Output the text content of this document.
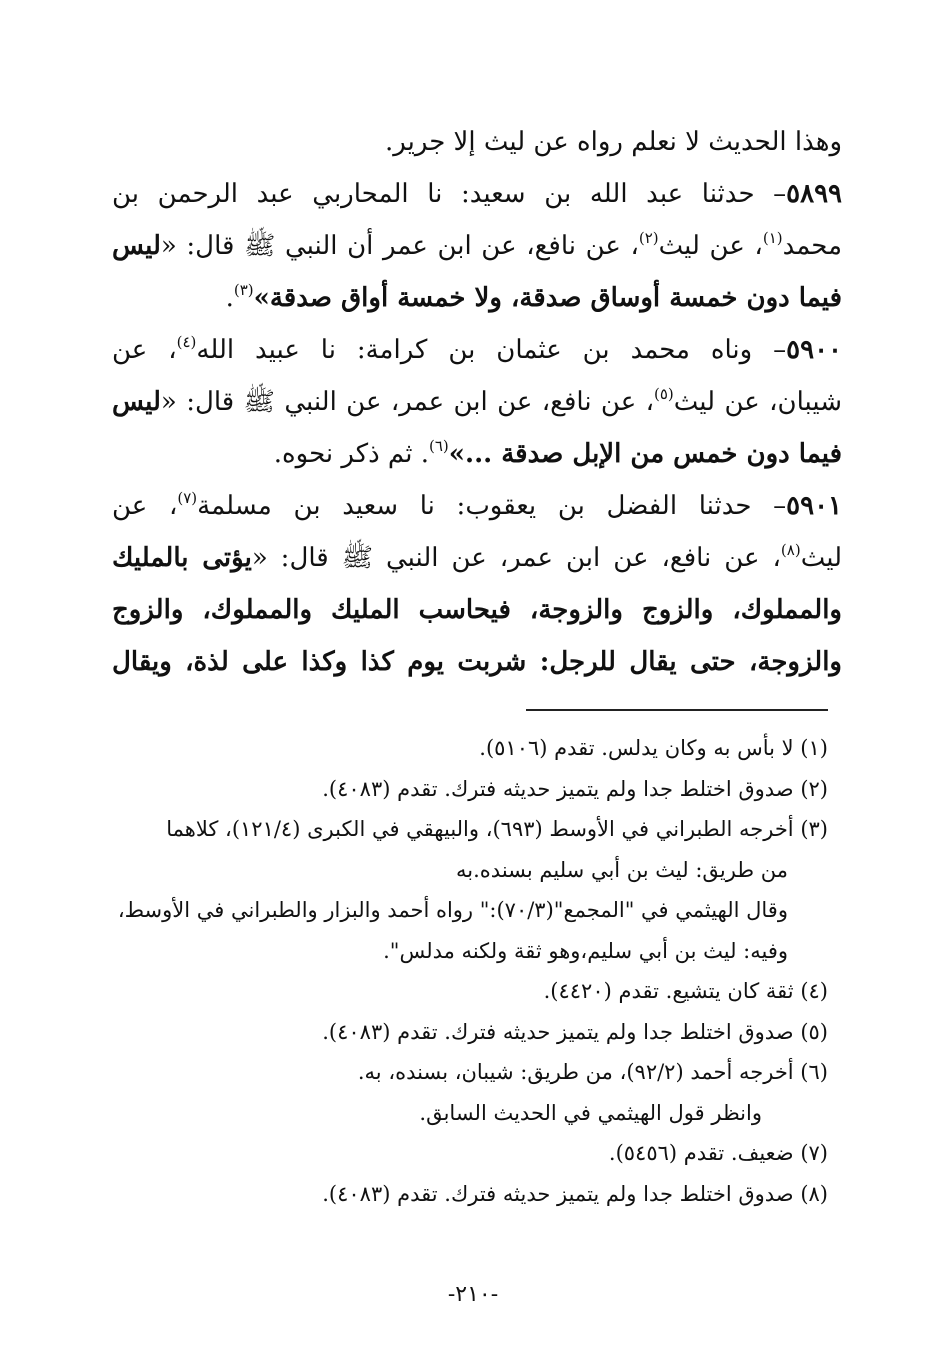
وهذا الحديث لا نعلم رواه عن ليث إلا جرير.
٥٨٩٩– حدثنا عبد الله بن سعيد: نا المحاربي عبد الرحمن بن
محمد$^{(١)}$، عن ليث$^{(٢)}$، عن نافع، عن ابن عمر أن النبي ﷺ قال: «ليس
فيما دون خمسة أوساق صدقة، ولا خمسة أواق صدقة»$^{(٣)}$.
٥٩٠٠– وناه محمد بن عثمان بن كرامة: نا عبيد الله$^{(٤)}$، عن
شيبان، عن ليث$^{(٥)}$، عن نافع، عن ابن عمر، عن النبي ﷺ قال: «ليس
فيما دون خمس من الإبل صدقة ...»$^{(٦)}$. ثم ذكر نحوه.
٥٩٠١– حدثنا الفضل بن يعقوب: نا سعيد بن مسلمة$^{(٧)}$، عن
ليث$^{(٨)}$، عن نافع، عن ابن عمر، عن النبي ﷺ قال: «يؤتى بالمليك
والمملوك، والزوج والزوجة، فيحاسب المليك والمملوك، والزوج
والزوجة، حتى يقال للرجل: شربت يوم كذا وكذا على لذة، ويقال
(١) لا بأس به وكان يدلس. تقدم (٥١٠٦).
(٢) صدوق اختلط جدا ولم يتميز حديثه فترك. تقدم (٤٠٨٣).
(٣) أخرجه الطبراني في الأوسط (٦٩٣)، والبيهقي في الكبرى (١٢١/٤)، كلاهما
من طريق: ليث بن أبي سليم بسنده.به
وقال الهيثمي في "المجمع"(٧٠/٣):" رواه أحمد والبزار والطبراني في الأوسط،
وفيه: ليث بن أبي سليم،وهو ثقة ولكنه مدلس".
(٤) ثقة كان يتشيع. تقدم (٤٤٢٠).
(٥) صدوق اختلط جدا ولم يتميز حديثه فترك. تقدم (٤٠٨٣).
(٦) أخرجه أحمد (٩٢/٢)، من طريق: شيبان، بسنده، به.
وانظر قول الهيثمي في الحديث السابق.
(٧) ضعيف. تقدم (٥٤٥٦).
(٨) صدوق اختلط جدا ولم يتميز حديثه فترك. تقدم (٤٠٨٣).
-٢١٠-
